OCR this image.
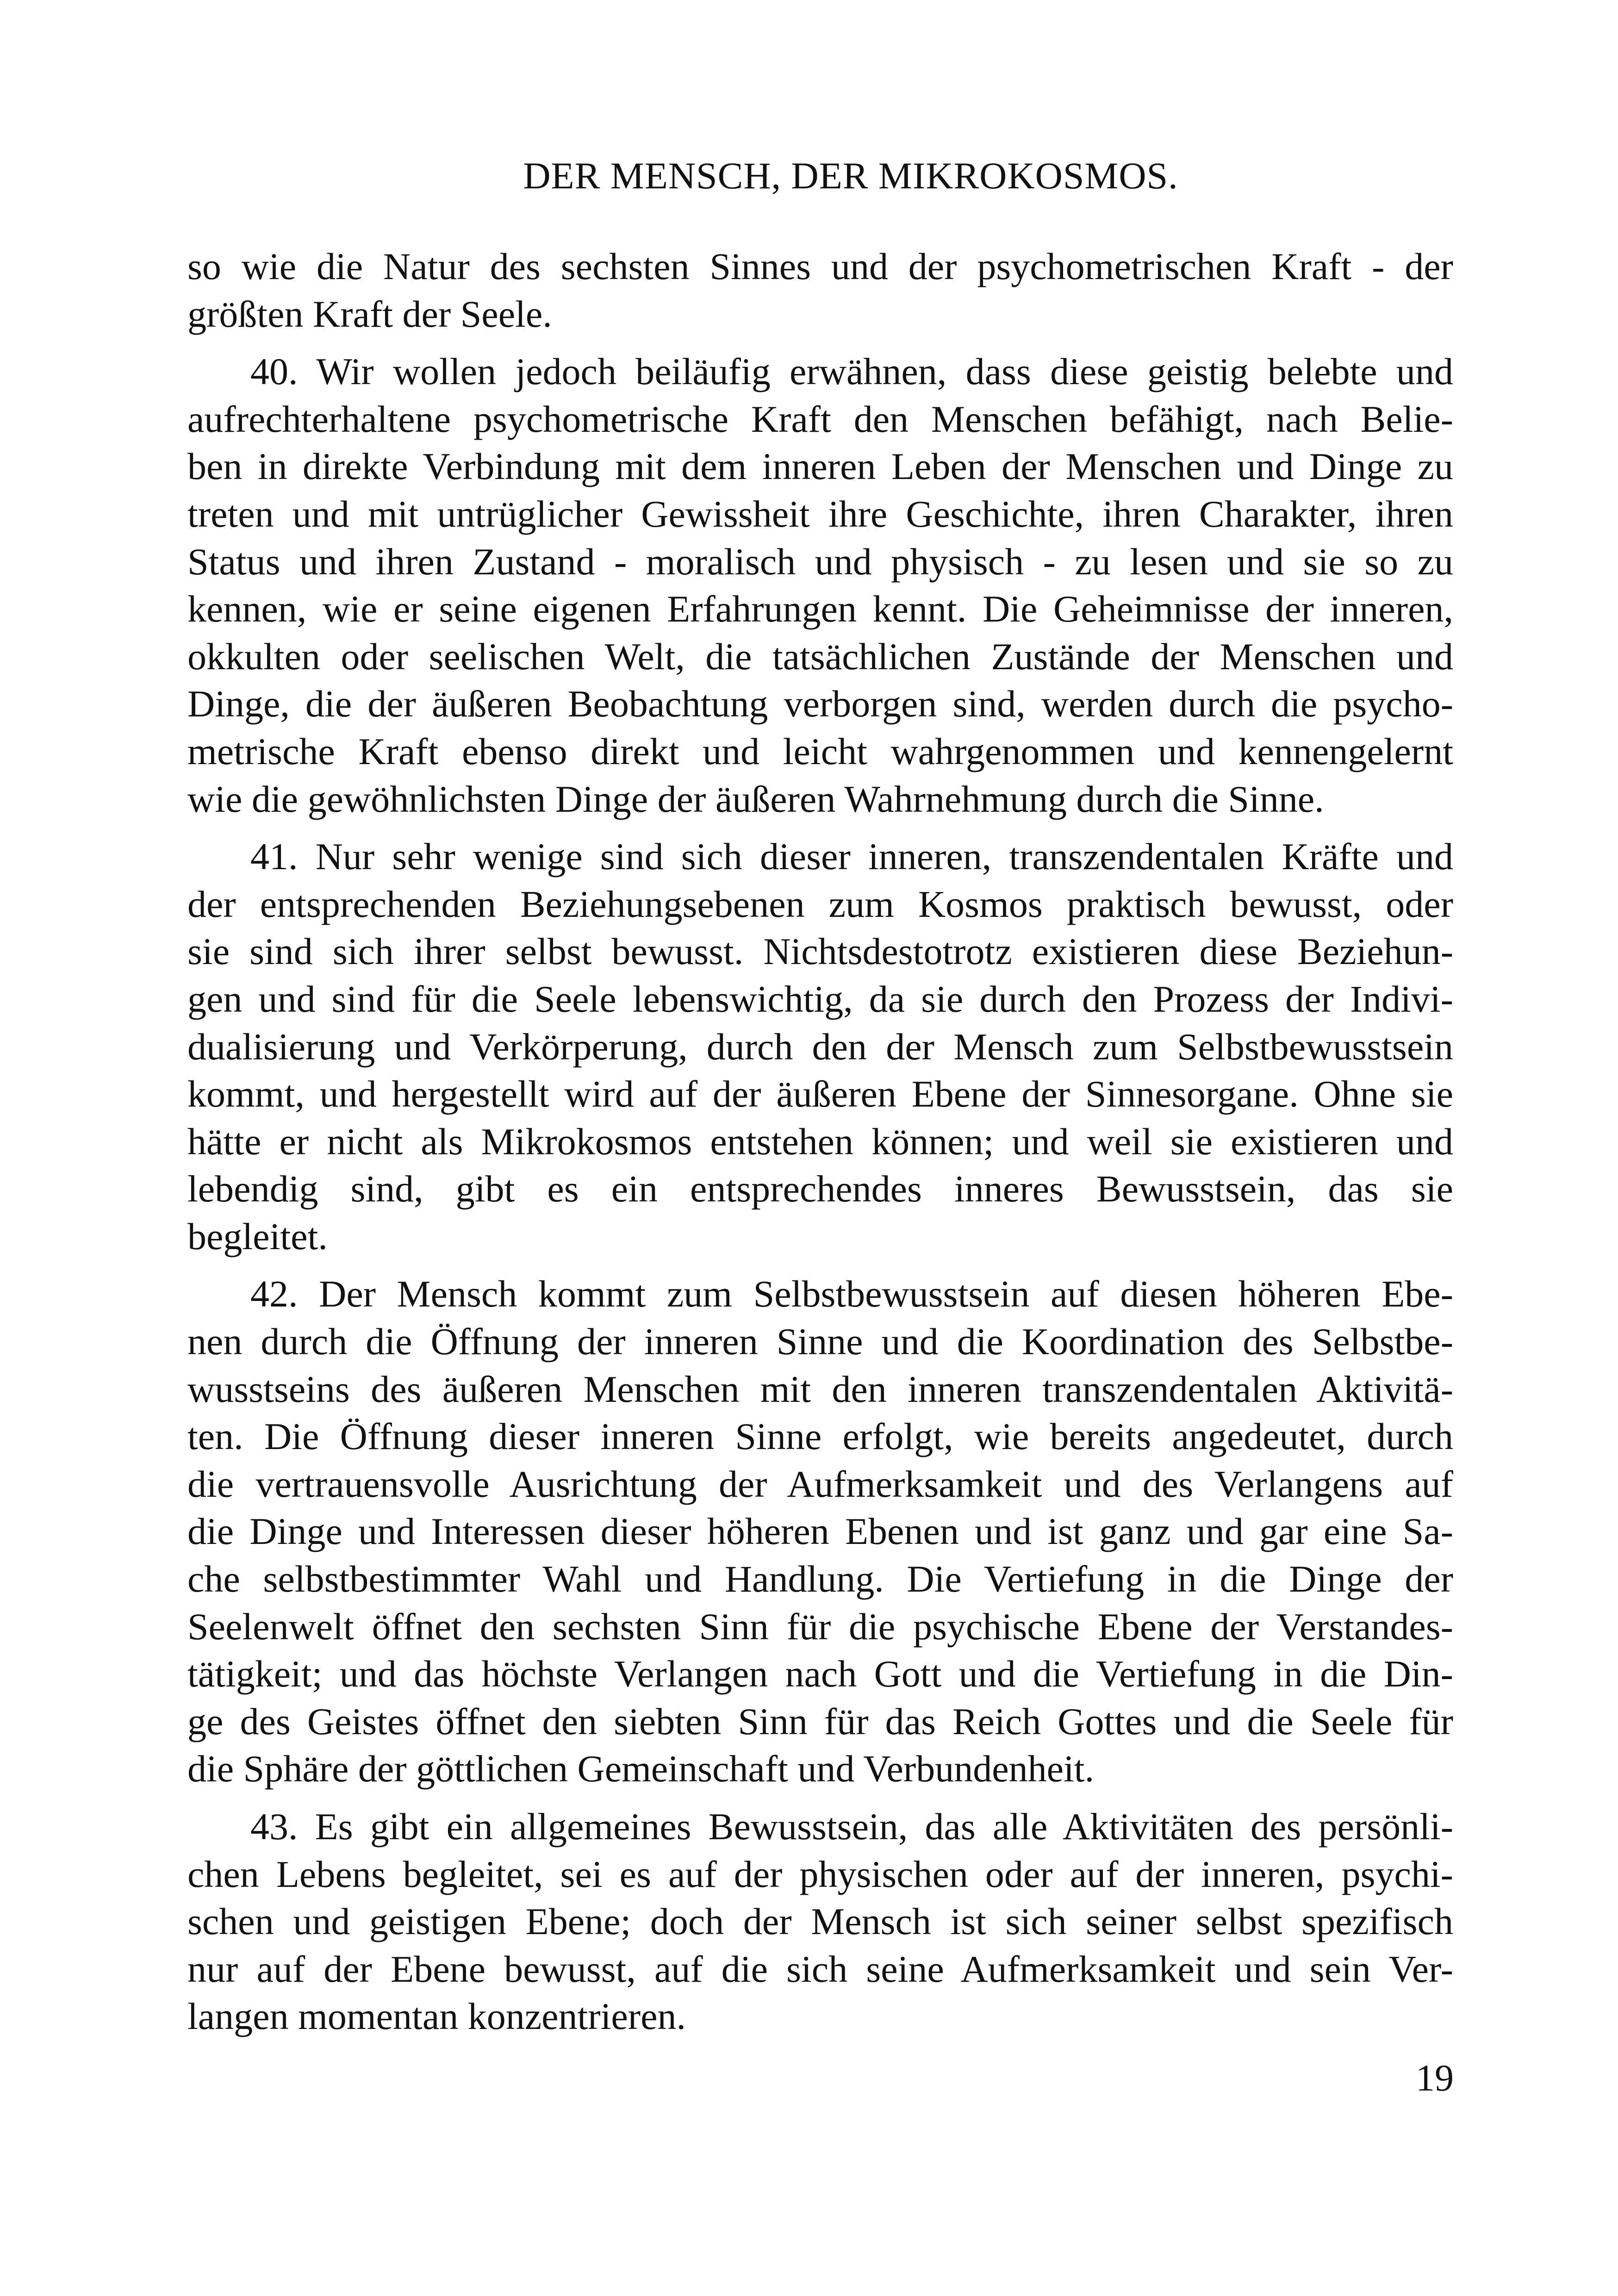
DER MENSCH, DER MIKROKOSMOS.

so wie die Natur des sechsten Sinnes und der psychometrischen Kraft - der
größten Kraft der Seele.

40. Wir wollen jedoch beiläufig erwähnen, dass diese geistig belebte und
aufrechterhaltene psychometrische Kraft den Menschen befähigt, nach Belie-
ben in direkte Verbindung mit dem inneren Leben der Menschen und Dinge zu
treten und mit untrüglicher Gewissheit ihre Geschichte, ihren Charakter, ihren
Status und ihren Zustand - moralisch und physisch - zu lesen und sie so zu
kennen, wie er seine eigenen Erfahrungen kennt. Die Geheimnisse der inneren,
okkulten oder seelischen Welt, die tatsächlichen Zustände der Menschen und
Dinge, die der äußeren Beobachtung verborgen sind, werden durch die psycho-
metrische Kraft ebenso direkt und leicht wahrgenommen und kennengelernt
wie die gewöhnlichsten Dinge der äußeren Wahrnehmung durch die Sinne.

41. Nur sehr wenige sind sich dieser inneren, transzendentalen Kräfte und
der entsprechenden Beziehungsebenen zum Kosmos praktisch bewusst, oder
sie sind sich ihrer selbst bewusst. Nichtsdestotrotz existieren diese Beziehun-
gen und sind für die Seele lebenswichtig, da sie durch den Prozess der Indivi-
dualisierung und Verkörperung, durch den der Mensch zum Selbstbewusstsein
kommt, und hergestellt wird auf der äußeren Ebene der Sinnesorgane. Ohne sie
hätte er nicht als Mikrokosmos entstehen können; und weil sie existieren und
lebendig sind, gibt es ein entsprechendes inneres Bewusstsein, das sie
begleitet.

42. Der Mensch kommt zum Selbstbewusstsein auf diesen höheren Ebe-
nen durch die Öffnung der inneren Sinne und die Koordination des Selbstbe-
wusstseins des äußeren Menschen mit den inneren transzendentalen Aktivitä-
ten. Die Öffnung dieser inneren Sinne erfolgt, wie bereits angedeutet, durch
die vertrauensvolle Ausrichtung der Aufmerksamkeit und des Verlangens auf
die Dinge und Interessen dieser höheren Ebenen und ist ganz und gar eine Sa-
che selbstbestimmter Wahl und Handlung. Die Vertiefung in die Dinge der
Seelenwelt öffnet den sechsten Sinn für die psychische Ebene der Verstandes-
tätigkeit; und das höchste Verlangen nach Gott und die Vertiefung in die Din-
ge des Geistes öffnet den siebten Sinn für das Reich Gottes und die Seele für
die Sphäre der göttlichen Gemeinschaft und Verbundenheit.

43. Es gibt ein allgemeines Bewusstsein, das alle Aktivitäten des persönli-
chen Lebens begleitet, sei es auf der physischen oder auf der inneren, psychi-
schen und geistigen Ebene; doch der Mensch ist sich seiner selbst spezifisch
nur auf der Ebene bewusst, auf die sich seine Aufmerksamkeit und sein Ver-
langen momentan konzentrieren.

19
